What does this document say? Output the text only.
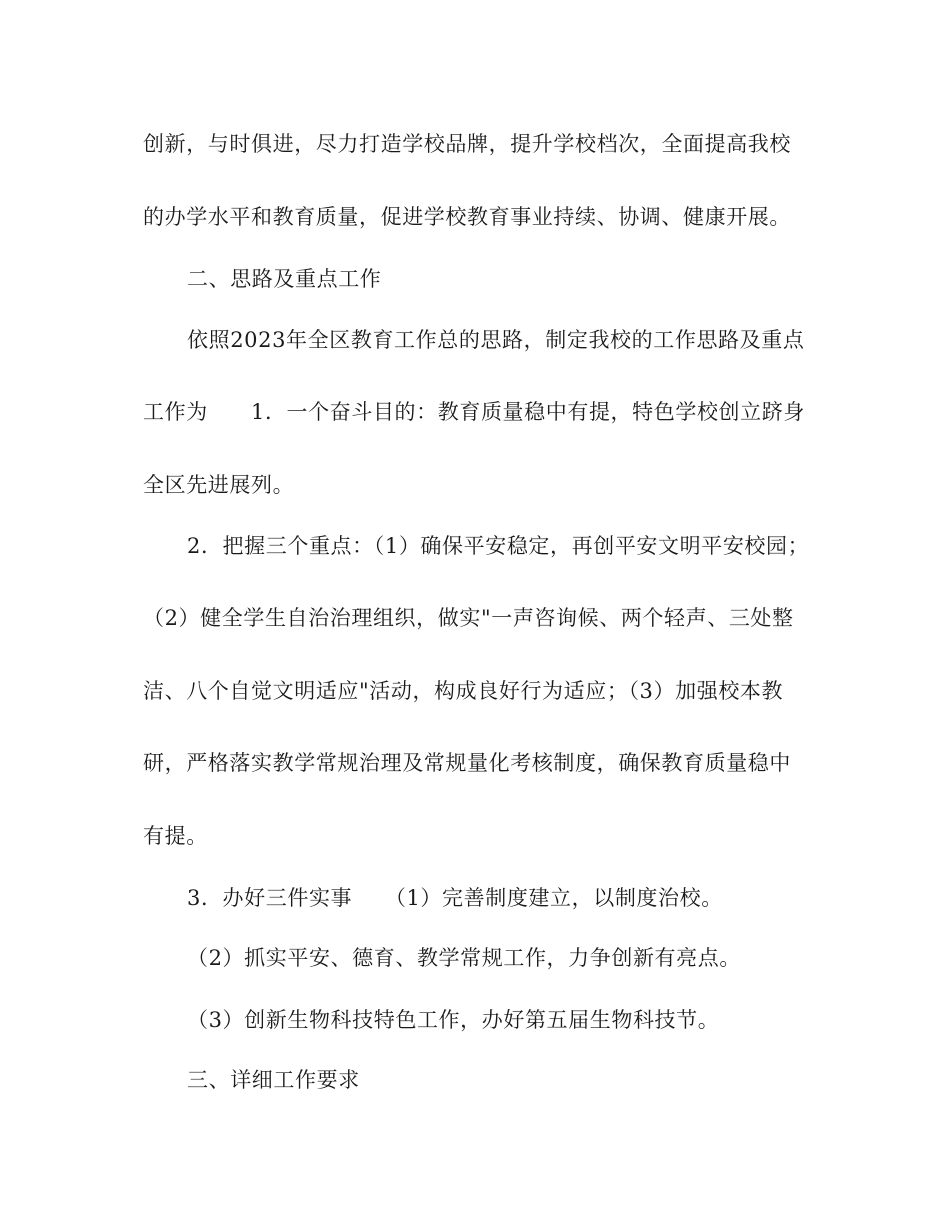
创新，与时俱进，尽力打造学校品牌，提升学校档次，全面提高我校
的办学水平和教育质量，促进学校教育事业持续、协调、健康开展。
二、思路及重点工作
依照2023年全区教育工作总的思路，制定我校的工作思路及重点
工作为　　1．一个奋斗目的：教育质量稳中有提，特色学校创立跻身
全区先进展列。
2．把握三个重点：（1）确保平安稳定，再创平安文明平安校园；
（2）健全学生自治治理组织，做实"一声咨询候、两个轻声、三处整
洁、八个自觉文明适应"活动，构成良好行为适应；（3）加强校本教
研，严格落实教学常规治理及常规量化考核制度，确保教育质量稳中
有提。
3．办好三件实事　　（1）完善制度建立，以制度治校。
（2）抓实平安、德育、教学常规工作，力争创新有亮点。
（3）创新生物科技特色工作，办好第五届生物科技节。
三、详细工作要求
